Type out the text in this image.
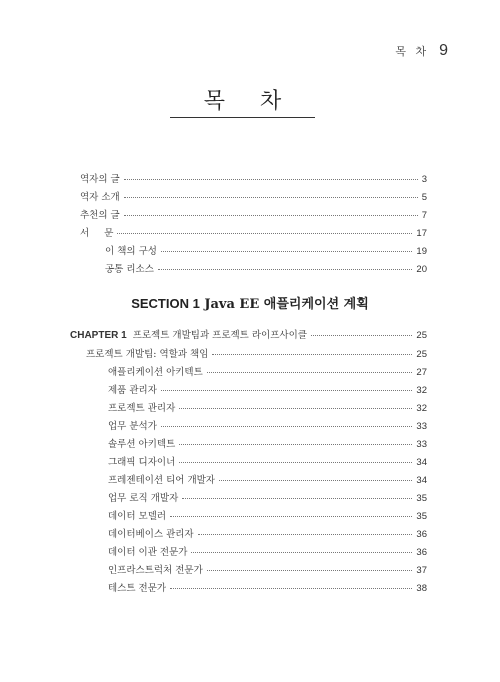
목 차 9
목 차
역자의 글	3
역자 소개	5
추천의 글	7
서     문	17
이 책의 구성	19
공통 리소스	20
SECTION 1 Java EE 애플리케이션 계획
CHAPTER 1 프로젝트 개발팀과 프로젝트 라이프사이클	25
프로젝트 개발팀: 역할과 책임	25
애플리케이션 아키텍트	27
제품 관리자	32
프로젝트 관리자	32
업무 분석가	33
솔루션 아키텍트	33
그래픽 디자이너	34
프레젠테이션 티어 개발자	34
업무 로직 개발자	35
데이터 모델러	35
데이터베이스 관리자	36
데이터 이관 전문가	36
인프라스트럭처 전문가	37
테스트 전문가	38
